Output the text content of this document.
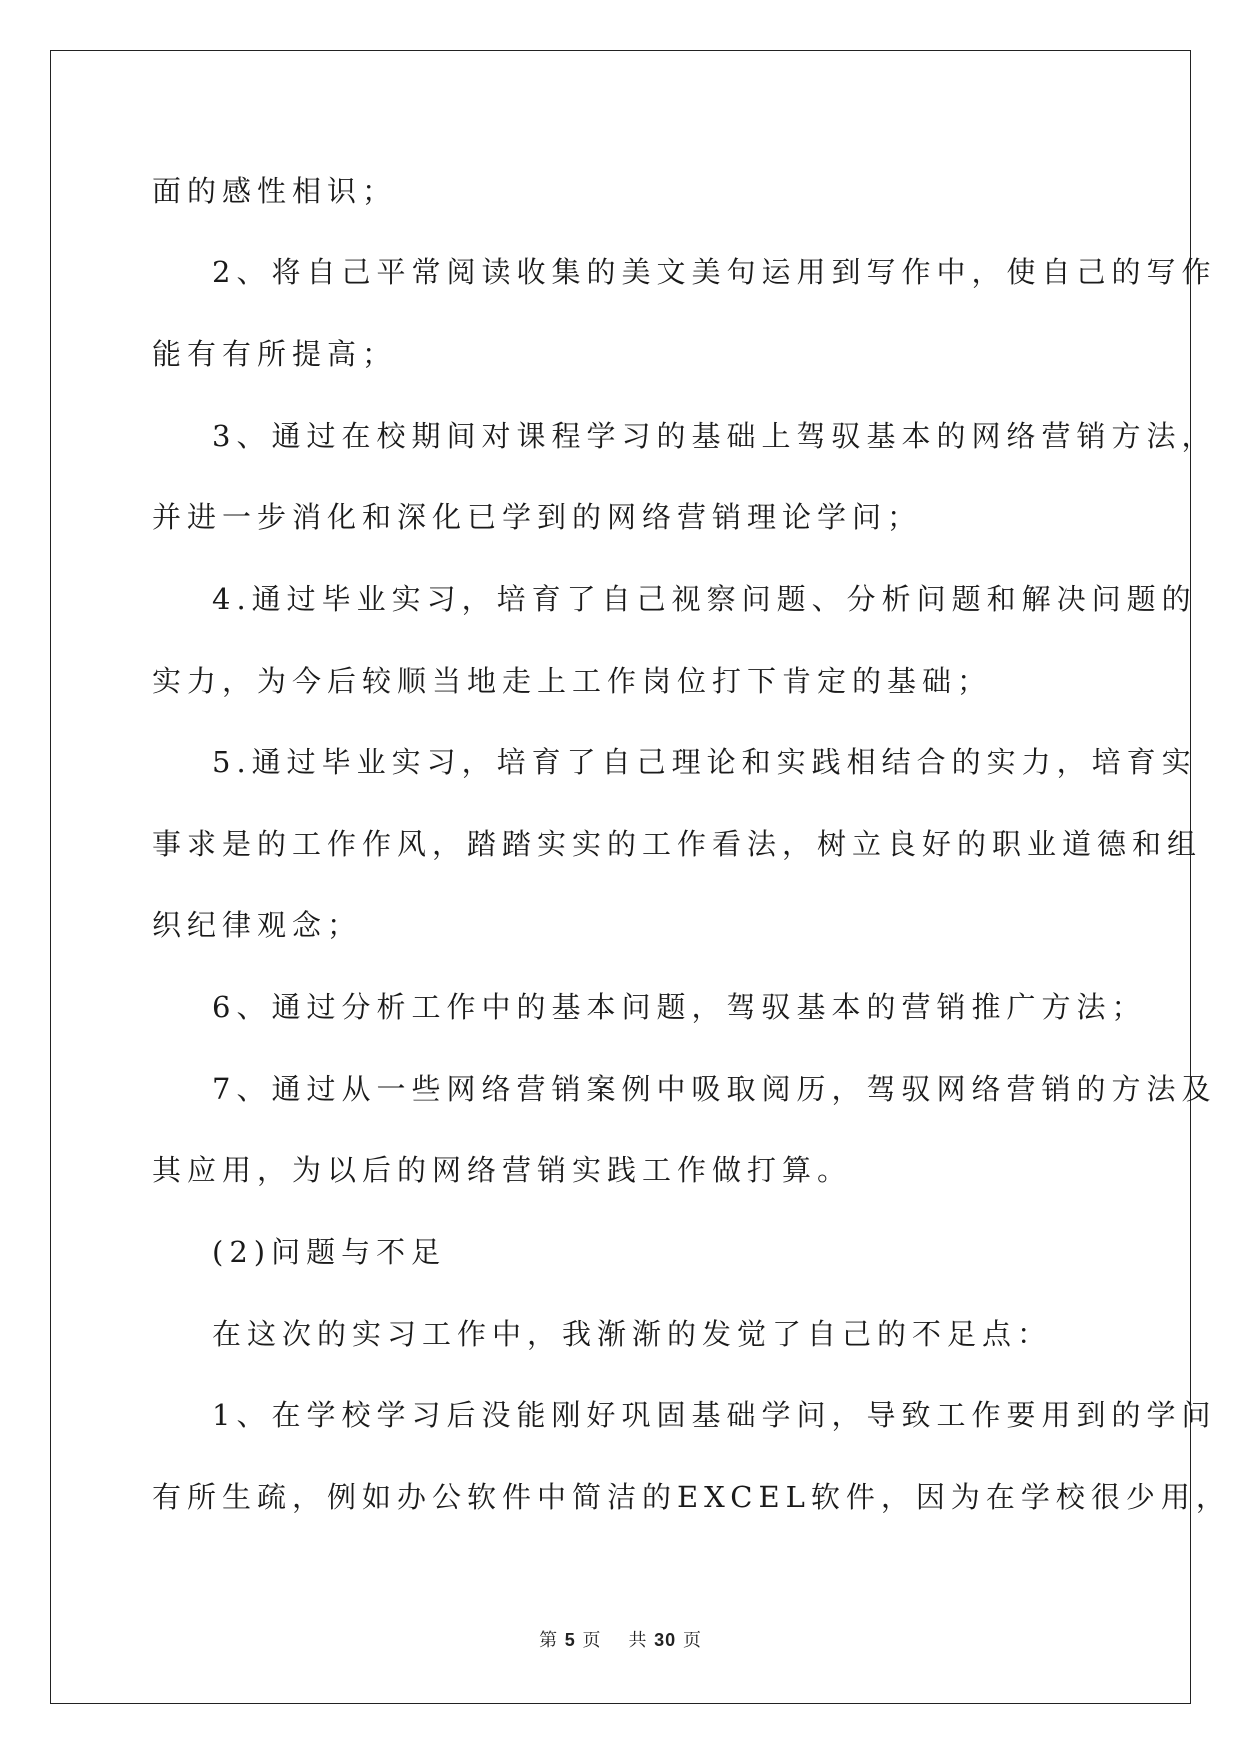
面的感性相识；
2、将自己平常阅读收集的美文美句运用到写作中，使自己的写作
能有有所提高；
3、通过在校期间对课程学习的基础上驾驭基本的网络营销方法，
并进一步消化和深化已学到的网络营销理论学问；
4.通过毕业实习，培育了自己视察问题、分析问题和解决问题的
实力，为今后较顺当地走上工作岗位打下肯定的基础；
5.通过毕业实习，培育了自己理论和实践相结合的实力，培育实
事求是的工作作风，踏踏实实的工作看法，树立良好的职业道德和组
织纪律观念；
6、通过分析工作中的基本问题，驾驭基本的营销推广方法；
7、通过从一些网络营销案例中吸取阅历，驾驭网络营销的方法及
其应用，为以后的网络营销实践工作做打算。
(2)问题与不足
在这次的实习工作中，我渐渐的发觉了自己的不足点：
1、在学校学习后没能刚好巩固基础学问，导致工作要用到的学问
有所生疏，例如办公软件中简洁的EXCEL软件，因为在学校很少用，
第 5 页 共 30 页
